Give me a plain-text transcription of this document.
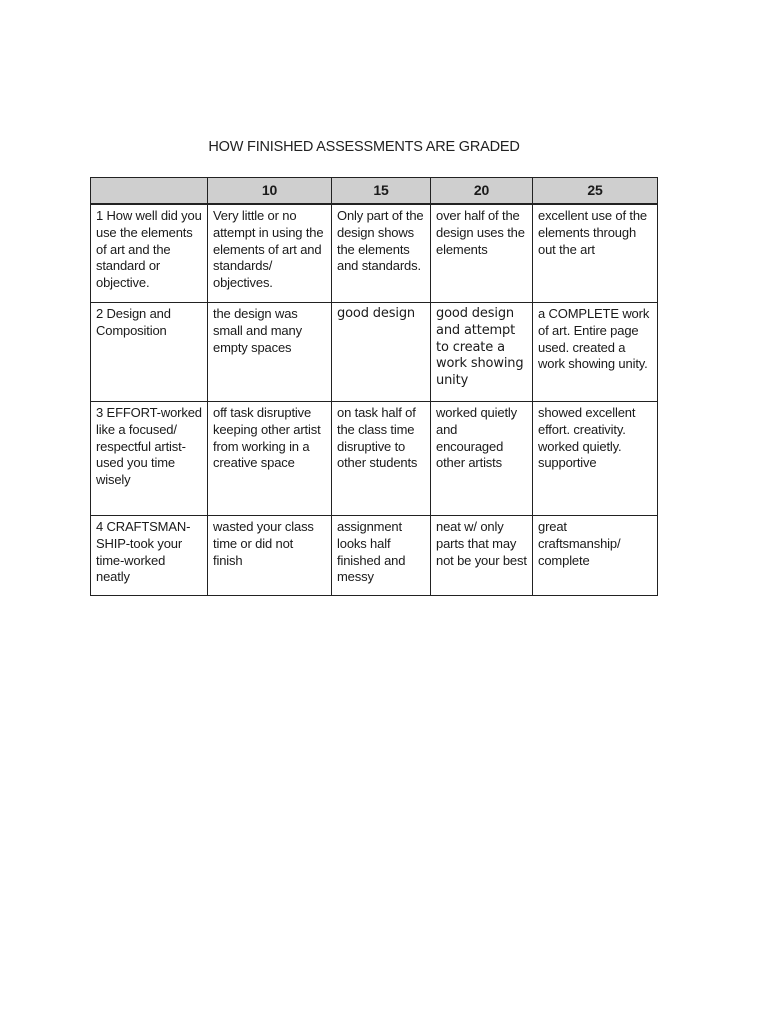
HOW FINISHED ASSESSMENTS ARE GRADED
	10	15	20	25
1 How well did you use the elements of art and the standard or objective.	Very little or no attempt in using the elements of art and standards/ objectives.	Only part of the design shows the elements and standards.	over half of the design uses the elements	excellent use of the elements through out the art
2 Design and Composition	the design was small and many empty spaces	good design	good design and attempt to create a work showing unity	a COMPLETE work of art. Entire page used. created a work showing unity.
3 EFFORT-worked like a focused/ respectful artist-used you time wisely	off task disruptive keeping other artist from working in a creative space	on task half of the class time disruptive to other students	worked quietly and encouraged other artists	showed excellent effort. creativity. worked quietly. supportive
4 CRAFTSMAN-SHIP-took your time-worked neatly	wasted your class time or did not finish	assignment looks half finished and messy	neat w/ only parts that may not be your best	great craftsmanship/ complete
